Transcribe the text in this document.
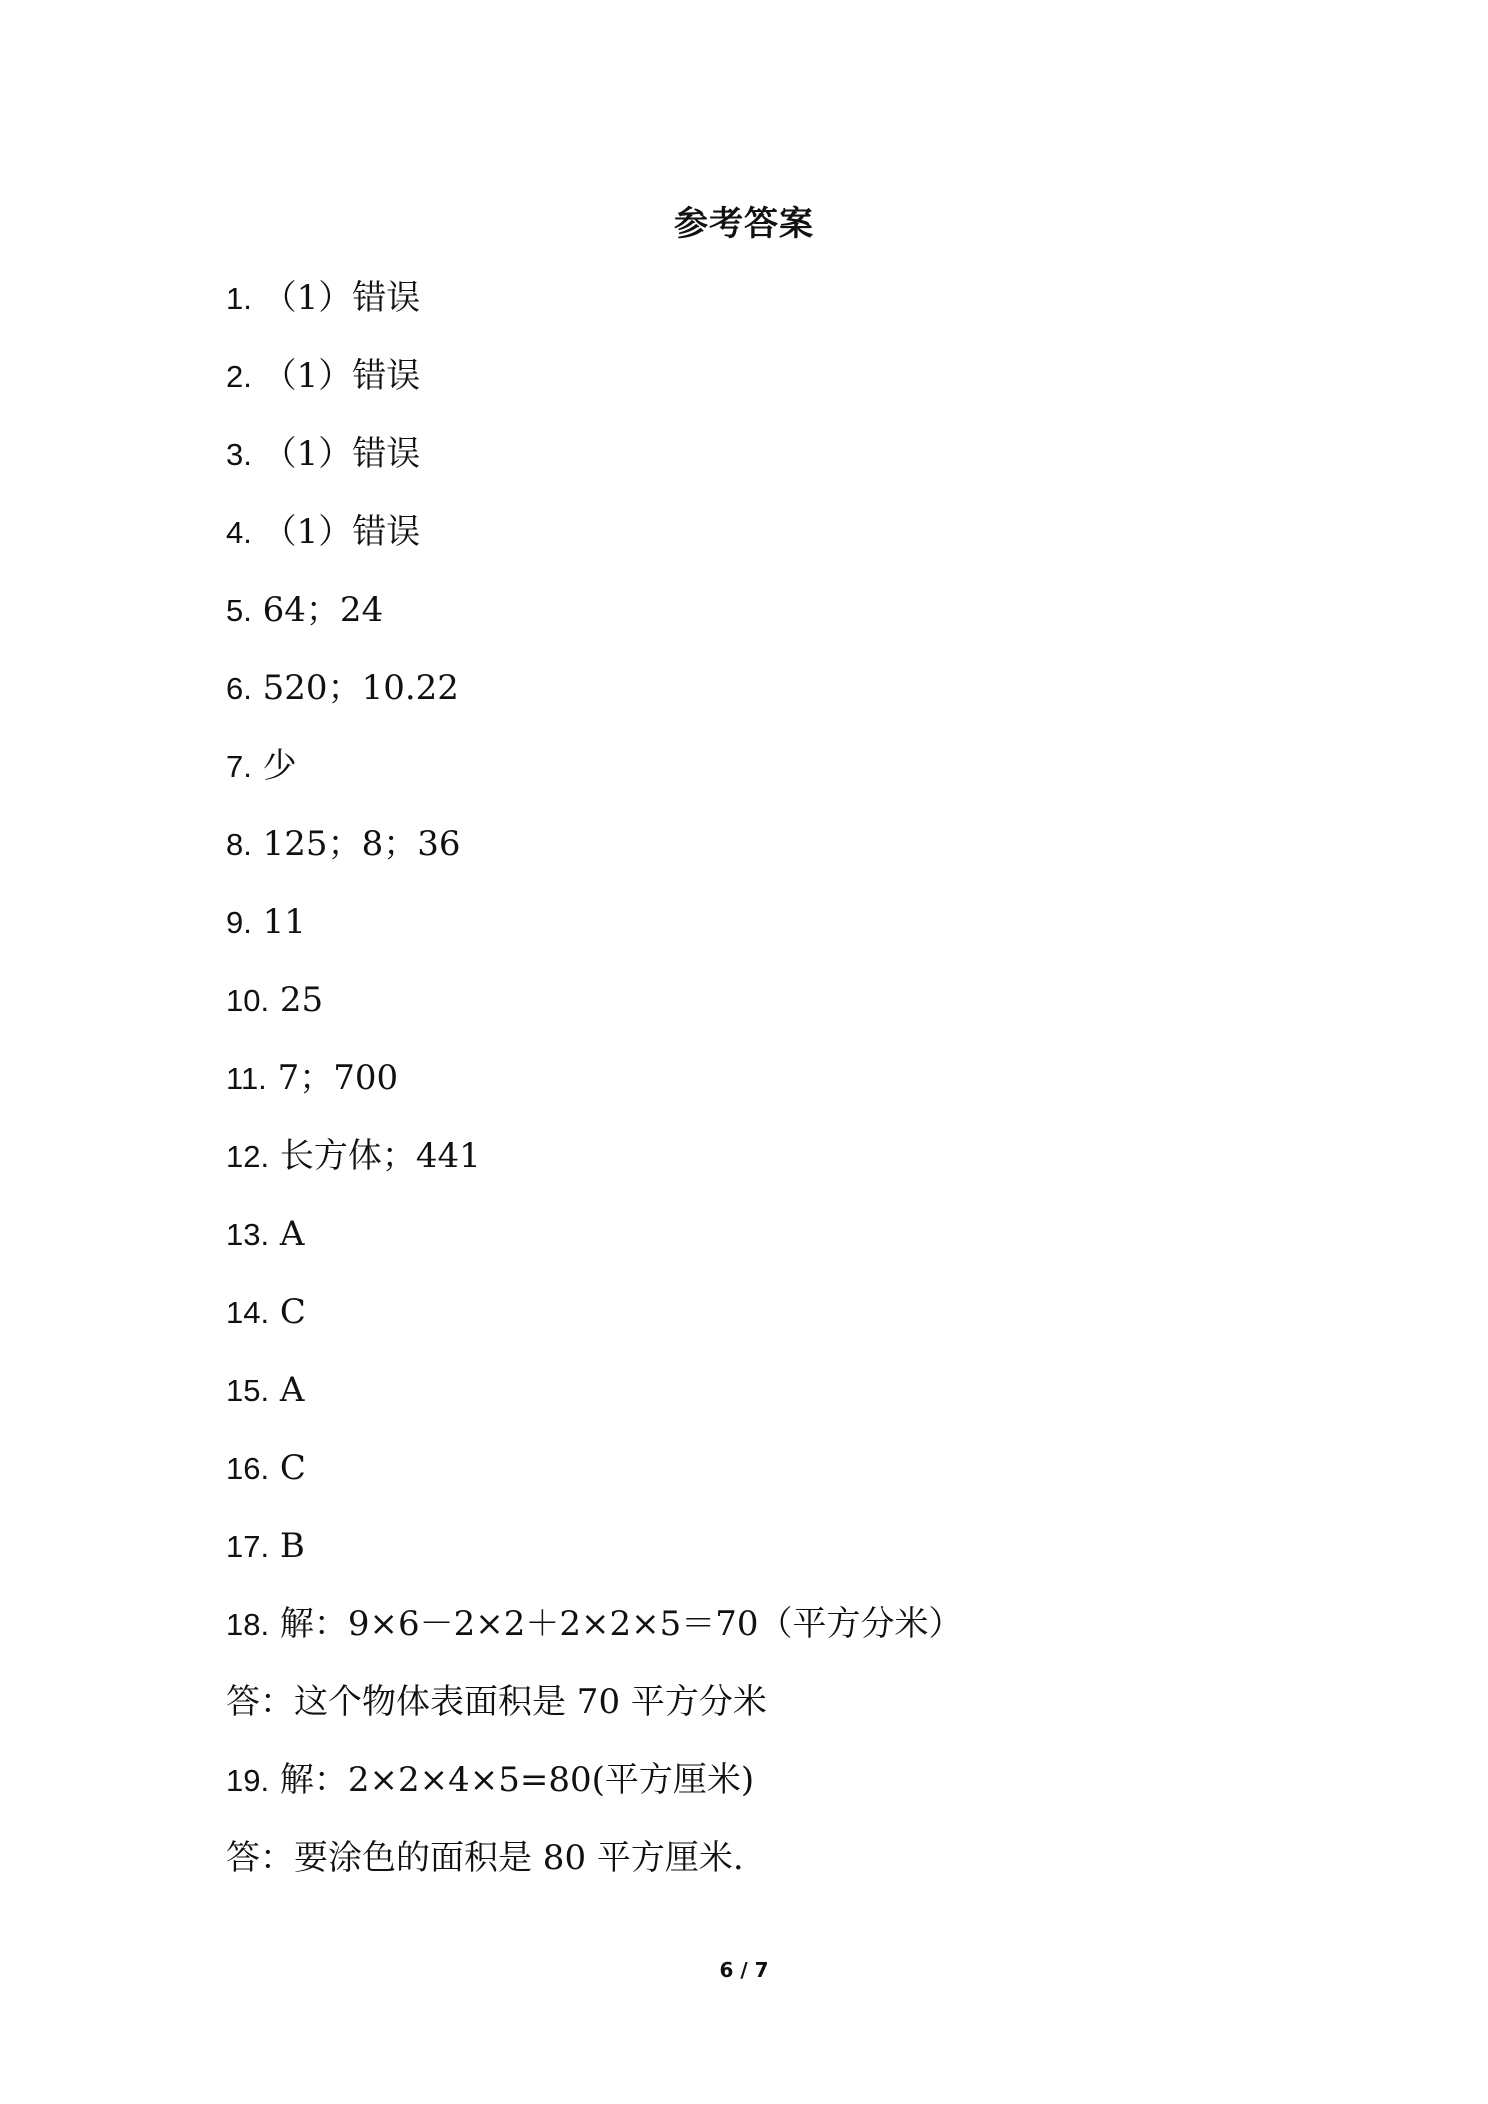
参考答案
1. （1）错误
2. （1）错误
3. （1）错误
4. （1）错误
5. 64；24
6. 520；10.22
7. 少
8. 125；8；36
9. 11
10. 25
11. 7；700
12. 长方体；441
13. A
14. C
15. A
16. C
17. B
18. 解：9×6－2×2＋2×2×5＝70（平方分米）
答：这个物体表面积是 70 平方分米
19. 解：2×2×4×5=80(平方厘米)
答：要涂色的面积是 80 平方厘米.
6 / 7
